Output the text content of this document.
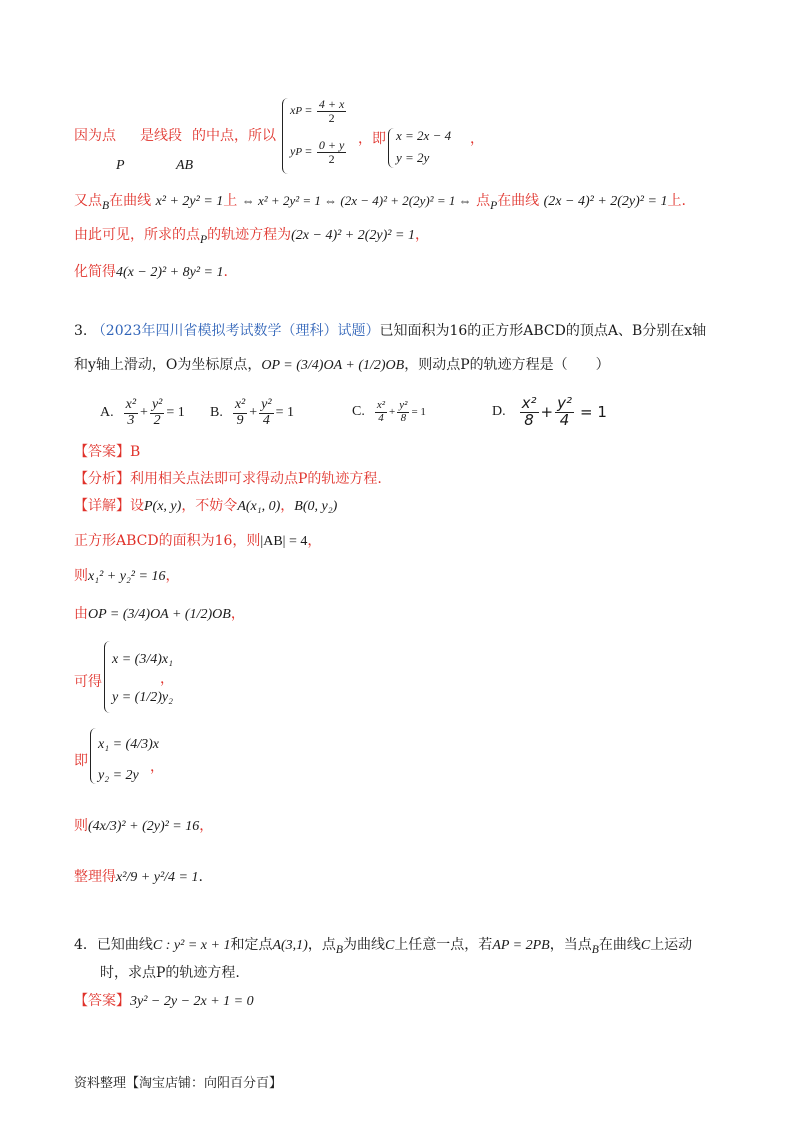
因为点 是线段 的中点，所以
P	AB
xP = $\frac{4 + x}{2}$
yP = $\frac{0 + y}{2}$ ，即 x = 2x − 4
y = 2y
，
又点$_B$在曲线 x² + 2y² = 1上 ⇔ x² + 2y² = 1 ⇔ (2x − 4)² + 2(2y)² = 1 ⇔ 点$_P$在曲线 (2x − 4)² + 2(2y)² = 1上.
由此可见，所求的点$_P$的轨迹方程为(2x − 4)² + 2(2y)² = 1，
化简得4(x − 2)² + 8y² = 1.
3. （2023年四川省模拟考试数学（理科）试题）已知面积为16的正方形ABCD的顶点A、B分别在x轴
和y轴上滑动，O为坐标原点，OP = (3/4)OA + (1/2)OB，则动点P的轨迹方程是（　　）
A. $\frac{\text{x²}}{3} + \frac{\text{y²}}{2} = 1$ B. $\frac{\text{x²}}{9} + \frac{\text{y²}}{4} = 1$	C. $\frac{\text{x²}}{4} + \frac{\text{y²}}{8} = 1$	D. $\frac{\text{x²}}{8} + \frac{\text{y²}}{4} = 1$
【答案】B
【分析】利用相关点法即可求得动点P的轨迹方程.
【详解】设P(x, y)，不妨令A(x₁, 0)，B(0, y₂)
正方形ABCD的面积为16，则|AB| = 4，
则x₁² + y₂² = 16，
由OP = (3/4)OA + (1/2)OB，
可得
x = (3/4)x₁
y = (1/2)y₂
，
即
x₁ = (4/3)x
y₂ = 2y
，
则(4x/3)² + (2y)² = 16，
整理得x²/9 + y²/4 = 1.
4．已知曲线C : y² = x + 1和定点A(3,1)，点$_B$为曲线C上任意一点，若AP = 2PB，当点$_B$在曲线C上运动
时，求点P的轨迹方程.
【答案】3y² − 2y − 2x + 1 = 0
资料整理【淘宝店铺：向阳百分百】
